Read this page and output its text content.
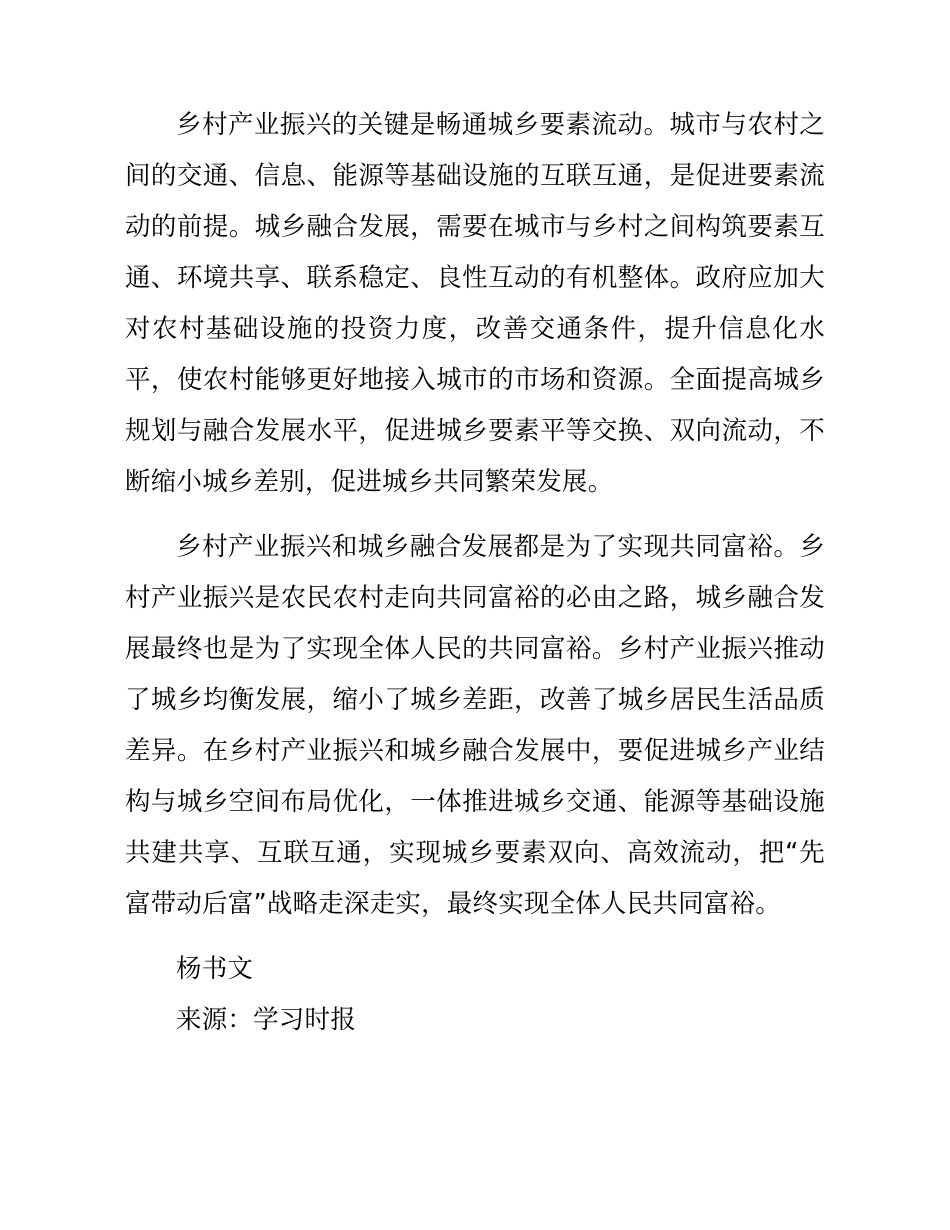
乡村产业振兴的关键是畅通城乡要素流动。城市与农村之间的交通、信息、能源等基础设施的互联互通，是促进要素流动的前提。城乡融合发展，需要在城市与乡村之间构筑要素互通、环境共享、联系稳定、良性互动的有机整体。政府应加大对农村基础设施的投资力度，改善交通条件，提升信息化水平，使农村能够更好地接入城市的市场和资源。全面提高城乡规划与融合发展水平，促进城乡要素平等交换、双向流动，不断缩小城乡差别，促进城乡共同繁荣发展。

乡村产业振兴和城乡融合发展都是为了实现共同富裕。乡村产业振兴是农民农村走向共同富裕的必由之路，城乡融合发展最终也是为了实现全体人民的共同富裕。乡村产业振兴推动了城乡均衡发展，缩小了城乡差距，改善了城乡居民生活品质差异。在乡村产业振兴和城乡融合发展中，要促进城乡产业结构与城乡空间布局优化，一体推进城乡交通、能源等基础设施共建共享、互联互通，实现城乡要素双向、高效流动，把“先富带动后富”战略走深走实，最终实现全体人民共同富裕。

杨书文

来源：学习时报
